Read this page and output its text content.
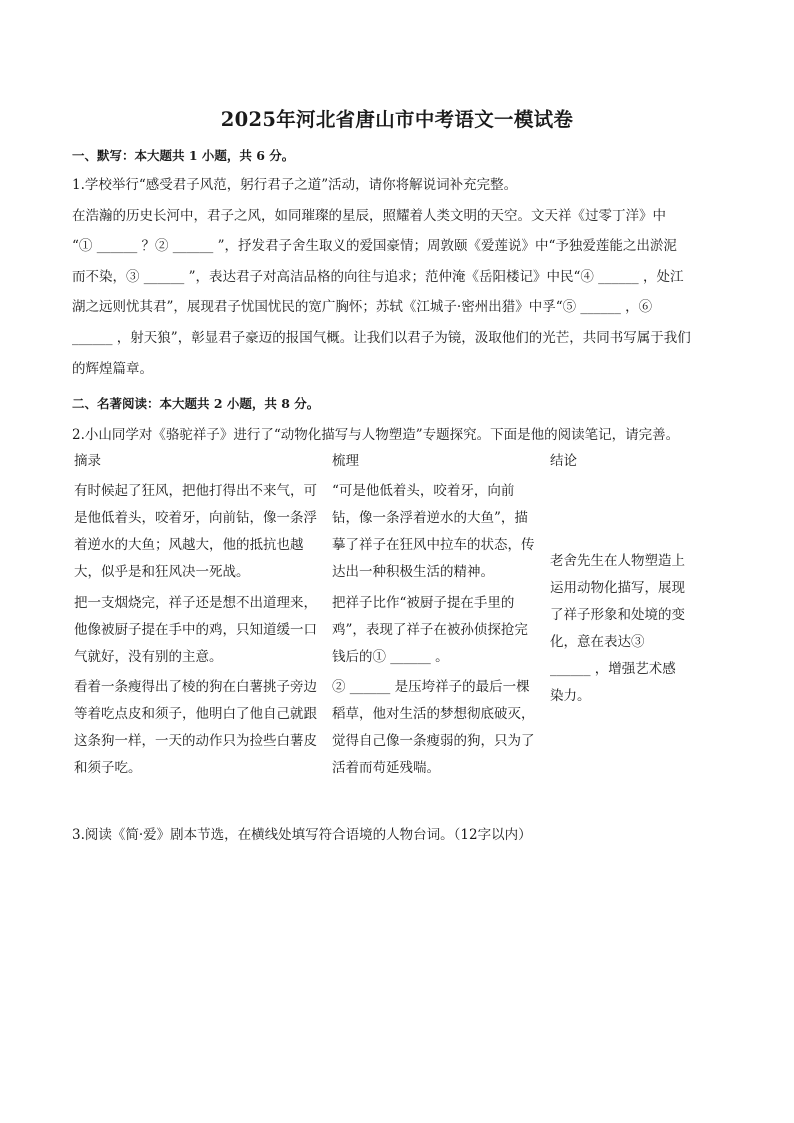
2025年河北省唐山市中考语文一模试卷
一、默写：本大题共 1 小题，共 6 分。
1.学校举行“感受君子风范，躬行君子之道”活动，请你将解说词补充完整。
在浩瀚的历史长河中，君子之风，如同璀璨的星辰，照耀着人类文明的天空。文天祥《过零丁洋》中
“① ______ ？② ______ ”，抒发君子舍生取义的爱国豪情；周敦颐《爱莲说》中“予独爱莲能之出淤泥
而不染，③ ______ ”，表达君子对高洁品格的向往与追求；范仲淹《岳阳楼记》中民“④ ______ ，处江
湖之远则忧其君”，展现君子忧国忧民的宽广胸怀；苏轼《江城子·密州出猎》中孚“⑤ ______ ，⑥
______ ，射天狼”，彰显君子豪迈的报国气概。让我们以君子为镜，汲取他们的光芒，共同书写属于我们
的辉煌篇章。
二、名著阅读：本大题共 2 小题，共 8 分。
2.小山同学对《骆驼祥子》进行了“动物化描写与人物塑造”专题探究。下面是他的阅读笔记，请完善。
摘录	梳理	结论
有时候起了狂风，把他打得出不来气，可
是他低着头，咬着牙，向前钻，像一条浮
着逆水的大鱼；风越大，他的抵抗也越
大，似乎是和狂风决一死战。
“可是他低着头，咬着牙，向前
钻，像一条浮着逆水的大鱼”，描
摹了祥子在狂风中拉车的状态，传
达出一种积极生活的精神。
把一支烟烧完，祥子还是想不出道理来，
他像被厨子提在手中的鸡，只知道缓一口
气就好，没有别的主意。
把祥子比作“被厨子提在手里的
鸡”，表现了祥子在被孙侦探抢完
钱后的① ______ 。
看着一条瘦得出了棱的狗在白薯挑子旁边
等着吃点皮和须子，他明白了他自己就跟
这条狗一样，一天的动作只为捡些白薯皮
和须子吃。
② ______ 是压垮祥子的最后一棵
稻草，他对生活的梦想彻底破灭，
觉得自己像一条瘦弱的狗，只为了
活着而苟延残喘。
老舍先生在人物塑造上
运用动物化描写，展现
了祥子形象和处境的变
化，意在表达③
______ ，增强艺术感
染力。
3.阅读《简·爱》剧本节选，在横线处填写符合语境的人物台词。（12字以内）
